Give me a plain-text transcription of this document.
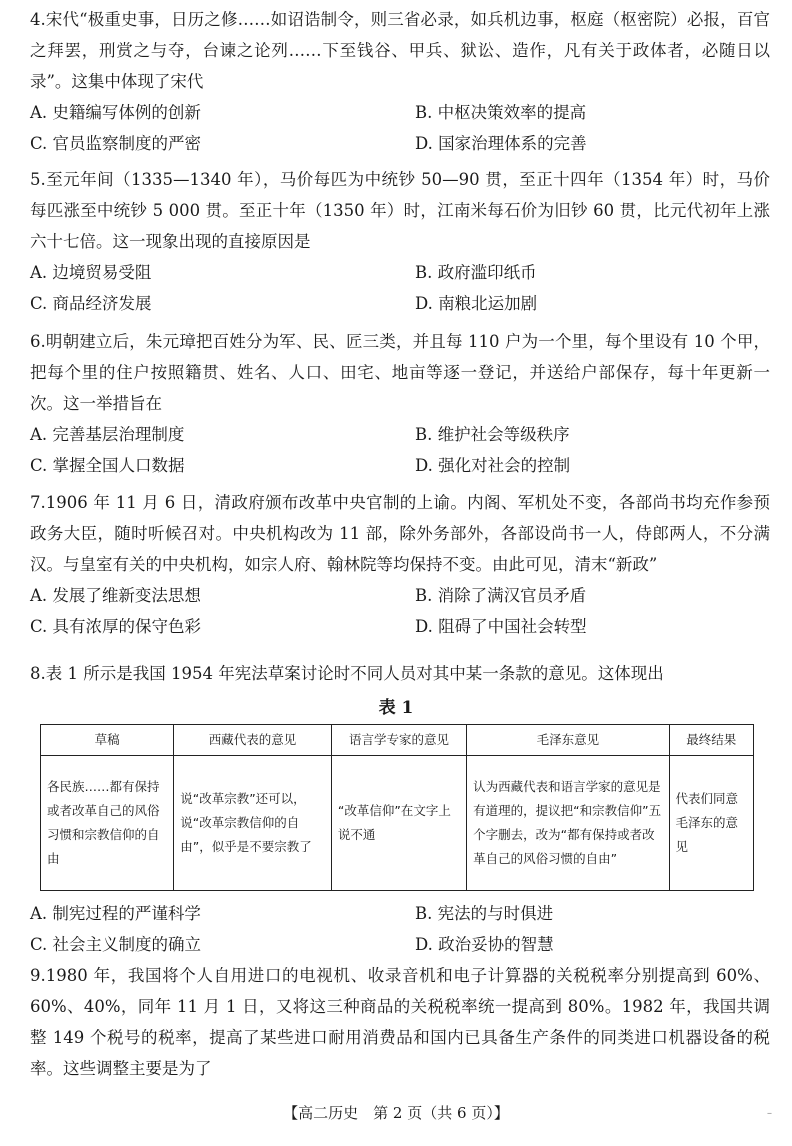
4.宋代“极重史事，日历之修……如诏诰制令，则三省必录，如兵机边事，枢庭（枢密院）必报，百官之拜罢，刑赏之与夺，台谏之论列……下至钱谷、甲兵、狱讼、造作，凡有关于政体者，必随日以录”。这集中体现了宋代

A. 史籍编写体例的创新	B. 中枢决策效率的提高
C. 官员监察制度的严密	D. 国家治理体系的完善

5.至元年间（1335—1340 年），马价每匹为中统钞 50—90 贯，至正十四年（1354 年）时，马价每匹涨至中统钞 5 000 贯。至正十年（1350 年）时，江南米每石价为旧钞 60 贯，比元代初年上涨六十七倍。这一现象出现的直接原因是

A. 边境贸易受阻	B. 政府滥印纸币
C. 商品经济发展	D. 南粮北运加剧

6.明朝建立后，朱元璋把百姓分为军、民、匠三类，并且每 110 户为一个里，每个里设有 10 个甲，把每个里的住户按照籍贯、姓名、人口、田宅、地亩等逐一登记，并送给户部保存，每十年更新一次。这一举措旨在

A. 完善基层治理制度	B. 维护社会等级秩序
C. 掌握全国人口数据	D. 强化对社会的控制

7.1906 年 11 月 6 日，清政府颁布改革中央官制的上谕。内阁、军机处不变，各部尚书均充作参预政务大臣，随时听候召对。中央机构改为 11 部，除外务部外，各部设尚书一人，侍郎两人，不分满汉。与皇室有关的中央机构，如宗人府、翰林院等均保持不变。由此可见，清末“新政”

A. 发展了维新变法思想	B. 消除了满汉官员矛盾
C. 具有浓厚的保守色彩	D. 阻碍了中国社会转型

8.表 1 所示是我国 1954 年宪法草案讨论时不同人员对其中某一条款的意见。这体现出

表 1
草稿	西藏代表的意见	语言学专家的意见	毛泽东意见	最终结果
各民族……都有保持或者改革自己的风俗习惯和宗教信仰的自由	说“改革宗教”还可以，说“改革宗教信仰的自由”，似乎是不要宗教了	“改革信仰”在文字上说不通	认为西藏代表和语言学家的意见是有道理的，提议把“和宗教信仰”五个字删去，改为“都有保持或者改革自己的风俗习惯的自由”	代表们同意毛泽东的意见
A. 制宪过程的严谨科学	B. 宪法的与时俱进
C. 社会主义制度的确立	D. 政治妥协的智慧

9.1980 年，我国将个人自用进口的电视机、收录音机和电子计算器的关税税率分别提高到 60%、60%、40%，同年 11 月 1 日，又将这三种商品的关税税率统一提高到 80%。1982 年，我国共调整 149 个税号的税率，提高了某些进口耐用消费品和国内已具备生产条件的同类进口机器设备的税率。这些调整主要是为了

【高二历史　第 2 页（共 6 页）】	–
